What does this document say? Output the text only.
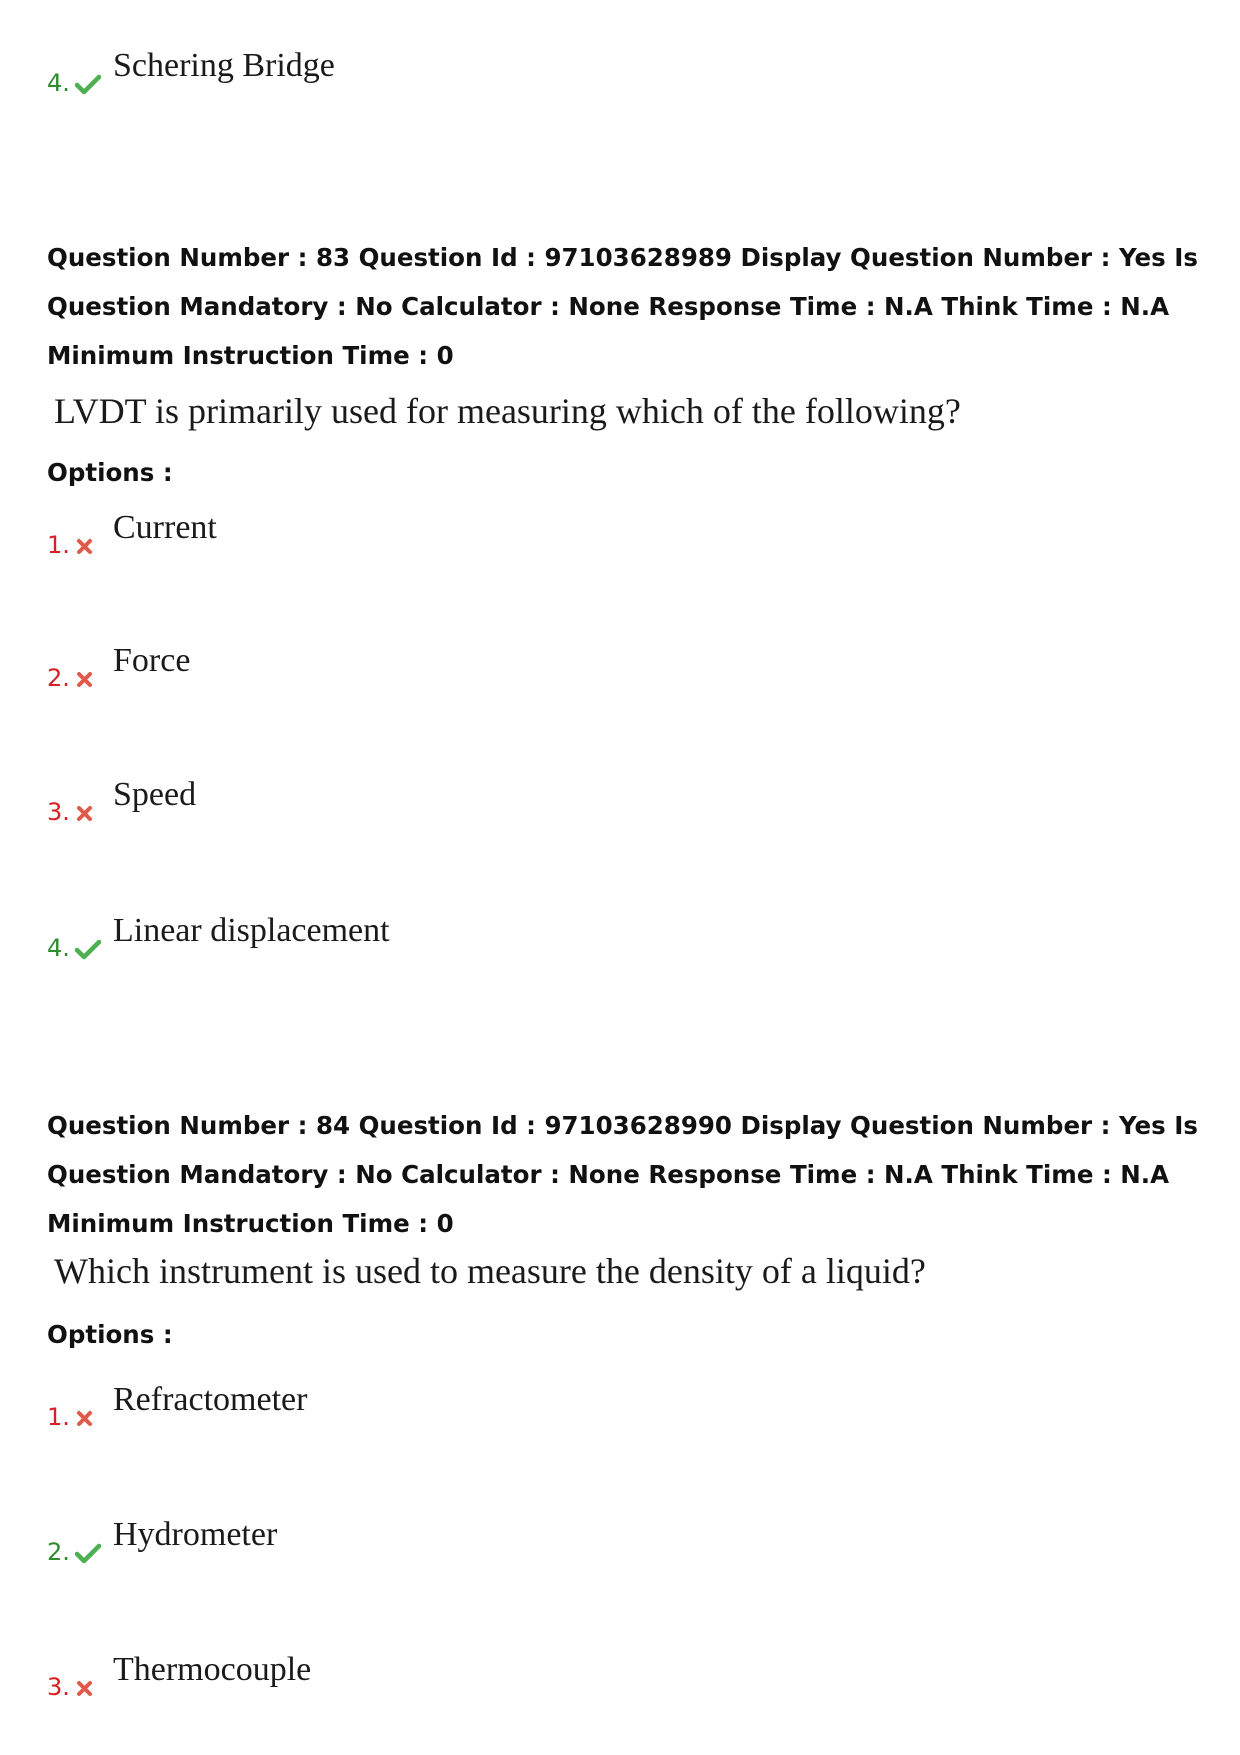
4. Schering Bridge

Question Number : 83 Question Id : 97103628989 Display Question Number : Yes Is Question Mandatory : No Calculator : None Response Time : N.A Think Time : N.A Minimum Instruction Time : 0

LVDT is primarily used for measuring which of the following?

Options :

1. Current
2. Force
3. Speed
4. Linear displacement

Question Number : 84 Question Id : 97103628990 Display Question Number : Yes Is Question Mandatory : No Calculator : None Response Time : N.A Think Time : N.A Minimum Instruction Time : 0

Which instrument is used to measure the density of a liquid?

Options :

1. Refractometer
2. Hydrometer
3. Thermocouple
